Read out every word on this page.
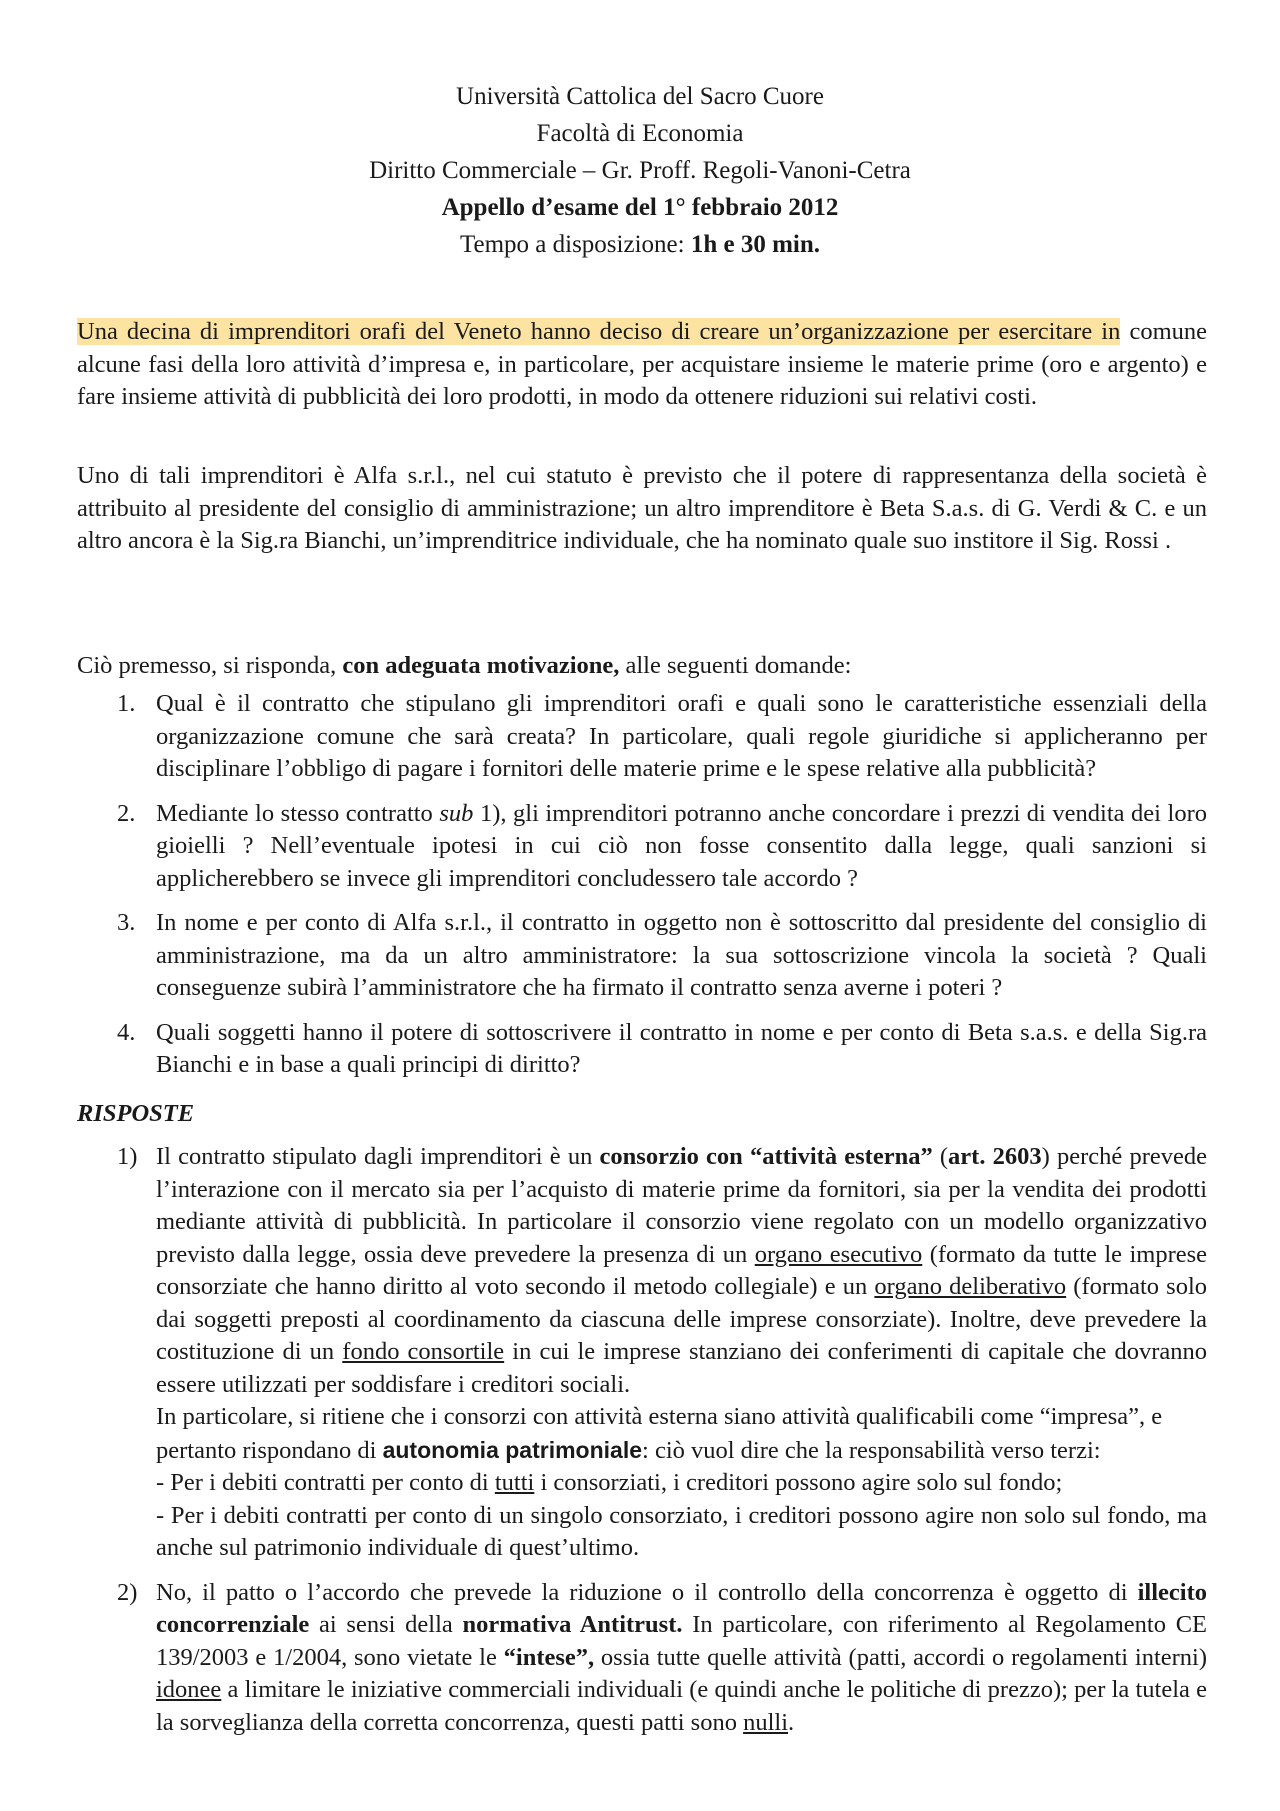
Università Cattolica del Sacro Cuore
Facoltà di Economia
Diritto Commerciale – Gr. Proff. Regoli-Vanoni-Cetra
Appello d’esame del 1° febbraio 2012
Tempo a disposizione: 1h e 30 min.

Una decina di imprenditori orafi del Veneto hanno deciso di creare un’organizzazione per esercitare in comune alcune fasi della loro attività d’impresa e, in particolare, per acquistare insieme le materie prime (oro e argento) e fare insieme attività di pubblicità dei loro prodotti, in modo da ottenere riduzioni sui relativi costi.

Uno di tali imprenditori è Alfa s.r.l., nel cui statuto è previsto che il potere di rappresentanza della società è attribuito al presidente del consiglio di amministrazione; un altro imprenditore è Beta S.a.s. di G. Verdi & C. e un altro ancora è la Sig.ra Bianchi, un’imprenditrice individuale, che ha nominato quale suo institore il Sig. Rossi .

Ciò premesso, si risponda, con adeguata motivazione, alle seguenti domande:

1. Qual è il contratto che stipulano gli imprenditori orafi e quali sono le caratteristiche essenziali della organizzazione comune che sarà creata? In particolare, quali regole giuridiche si applicheranno per disciplinare l’obbligo di pagare i fornitori delle materie prime e le spese relative alla pubblicità?
2. Mediante lo stesso contratto sub 1), gli imprenditori potranno anche concordare i prezzi di vendita dei loro gioielli ? Nell’eventuale ipotesi in cui ciò non fosse consentito dalla legge, quali sanzioni si applicherebbero se invece gli imprenditori concludessero tale accordo ?
3. In nome e per conto di Alfa s.r.l., il contratto in oggetto non è sottoscritto dal presidente del consiglio di amministrazione, ma da un altro amministratore: la sua sottoscrizione vincola la società ? Quali conseguenze subirà l’amministratore che ha firmato il contratto senza averne i poteri ?
4. Quali soggetti hanno il potere di sottoscrivere il contratto in nome e per conto di Beta s.a.s. e della Sig.ra Bianchi e in base a quali principi di diritto?
RISPOSTE
1) Il contratto stipulato dagli imprenditori è un consorzio con “attività esterna” (art. 2603) perché prevede l’interazione con il mercato sia per l’acquisto di materie prime da fornitori, sia per la vendita dei prodotti mediante attività di pubblicità. In particolare il consorzio viene regolato con un modello organizzativo previsto dalla legge, ossia deve prevedere la presenza di un organo esecutivo (formato da tutte le imprese consorziate che hanno diritto al voto secondo il metodo collegiale) e un organo deliberativo (formato solo dai soggetti preposti al coordinamento da ciascuna delle imprese consorziate). Inoltre, deve prevedere la costituzione di un fondo consortile in cui le imprese stanziano dei conferimenti di capitale che dovranno essere utilizzati per soddisfare i creditori sociali.
In particolare, si ritiene che i consorzi con attività esterna siano attività qualificabili come “impresa”, e pertanto rispondano di autonomia patrimoniale: ciò vuol dire che la responsabilità verso terzi:
- Per i debiti contratti per conto di tutti i consorziati, i creditori possono agire solo sul fondo;
- Per i debiti contratti per conto di un singolo consorziato, i creditori possono agire non solo sul fondo, ma anche sul patrimonio individuale di quest’ultimo.
2) No, il patto o l’accordo che prevede la riduzione o il controllo della concorrenza è oggetto di illecito concorrenziale ai sensi della normativa Antitrust. In particolare, con riferimento al Regolamento CE 139/2003 e 1/2004, sono vietate le “intese”, ossia tutte quelle attività (patti, accordi o regolamenti interni) idonee a limitare le iniziative commerciali individuali (e quindi anche le politiche di prezzo); per la tutela e la sorveglianza della corretta concorrenza, questi patti sono nulli.
